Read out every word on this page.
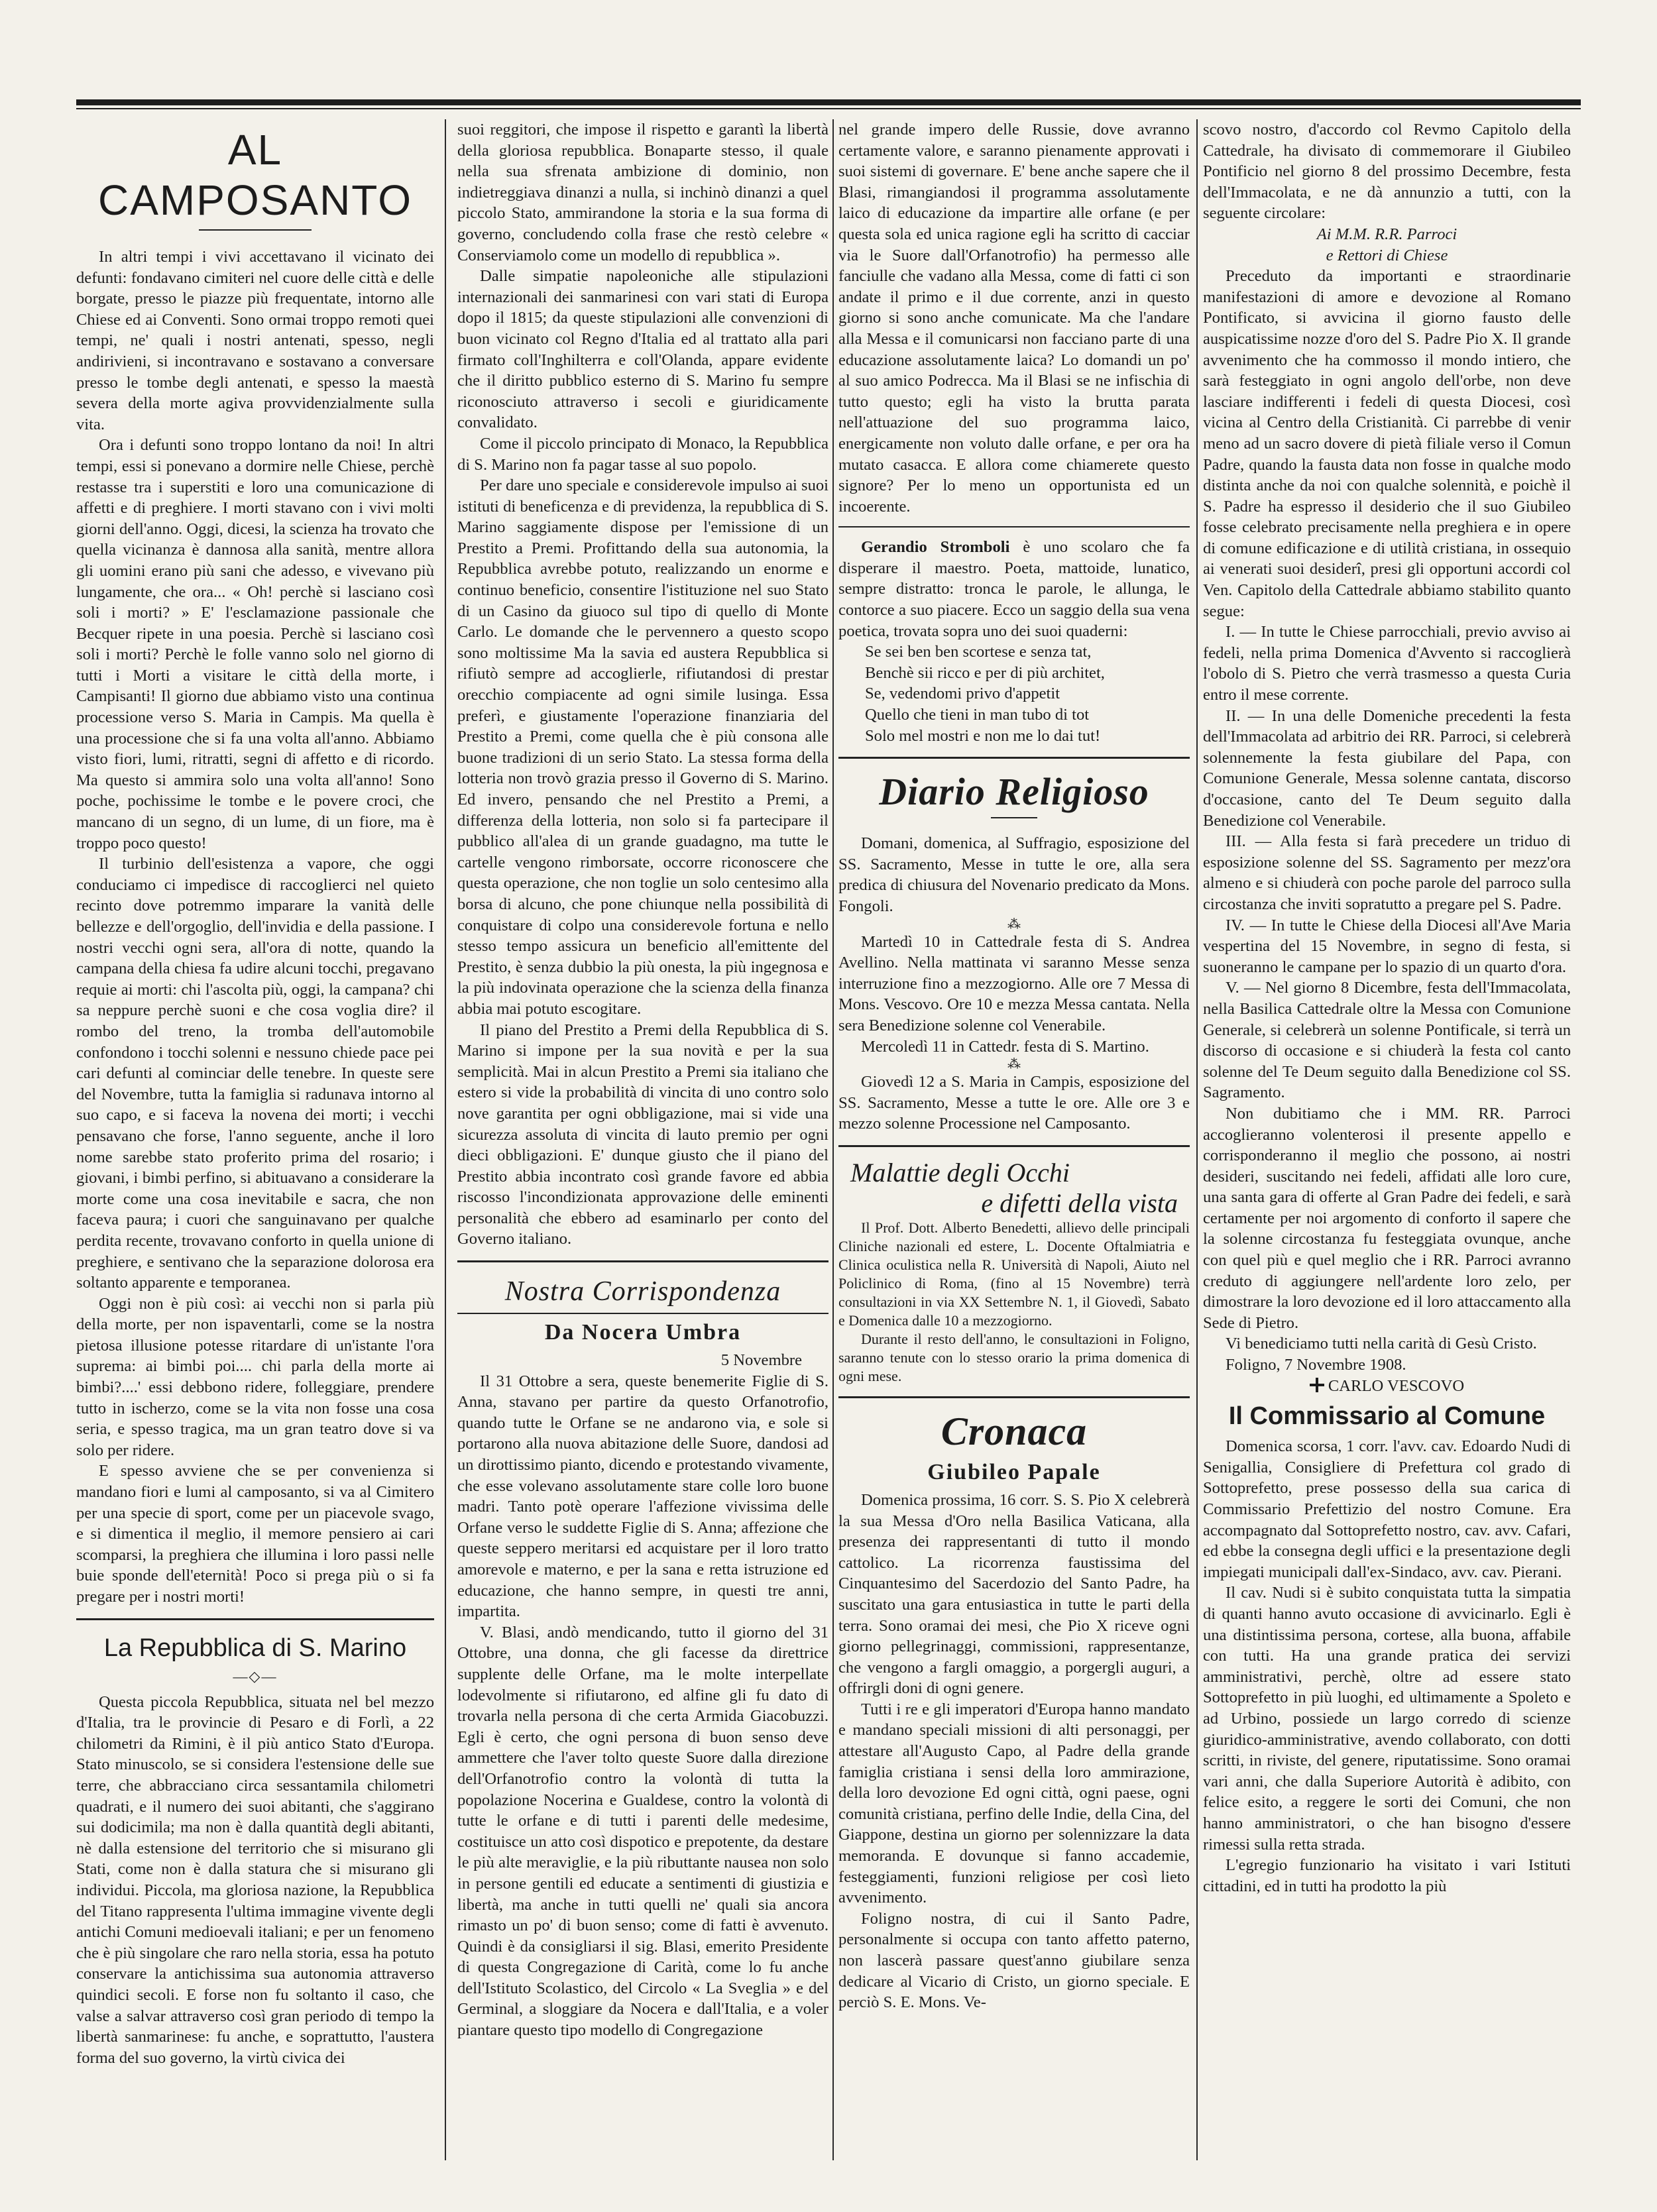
AL CAMPOSANTO

In altri tempi i vivi accettavano il vicinato dei defunti: fondavano cimiteri nel cuore delle città e delle borgate, presso le piazze più frequentate, intorno alle Chiese ed ai Conventi. Sono ormai troppo remoti quei tempi, ne' quali i nostri antenati, spesso, negli andirivieni, si incontravano e sostavano a conversare presso le tombe degli antenati, e spesso la maestà severa della morte agiva provvidenzialmente sulla vita.

Ora i defunti sono troppo lontano da noi! In altri tempi, essi si ponevano a dormire nelle Chiese, perchè restasse tra i superstiti e loro una comunicazione di affetti e di preghiere. I morti stavano con i vivi molti giorni dell'anno. Oggi, dicesi, la scienza ha trovato che quella vicinanza è dannosa alla sanità, mentre allora gli uomini erano più sani che adesso, e vivevano più lungamente, che ora... « Oh! perchè si lasciano così soli i morti? » E' l'esclamazione passionale che Becquer ripete in una poesia. Perchè si lasciano così soli i morti? Perchè le folle vanno solo nel giorno di tutti i Morti a visitare le città della morte, i Campisanti! Il giorno due abbiamo visto una continua processione verso S. Maria in Campis. Ma quella è una processione che si fa una volta all'anno. Abbiamo visto fiori, lumi, ritratti, segni di affetto e di ricordo. Ma questo si ammira solo una volta all'anno! Sono poche, pochissime le tombe e le povere croci, che mancano di un segno, di un lume, di un fiore, ma è troppo poco questo!

Il turbinio dell'esistenza a vapore, che oggi conduciamo ci impedisce di raccoglierci nel quieto recinto dove potremmo imparare la vanità delle bellezze e dell'orgoglio, dell'invidia e della passione. I nostri vecchi ogni sera, all'ora di notte, quando la campana della chiesa fa udire alcuni tocchi, pregavano requie ai morti: chi l'ascolta più, oggi, la campana? chi sa neppure perchè suoni e che cosa voglia dire? il rombo del treno, la tromba dell'automobile confondono i tocchi solenni e nessuno chiede pace pei cari defunti al cominciar delle tenebre. In queste sere del Novembre, tutta la famiglia si radunava intorno al suo capo, e si faceva la novena dei morti; i vecchi pensavano che forse, l'anno seguente, anche il loro nome sarebbe stato proferito prima del rosario; i giovani, i bimbi perfino, si abituavano a considerare la morte come una cosa inevitabile e sacra, che non faceva paura; i cuori che sanguinavano per qualche perdita recente, trovavano conforto in quella unione di preghiere, e sentivano che la separazione dolorosa era soltanto apparente e temporanea.

Oggi non è più così: ai vecchi non si parla più della morte, per non ispaventarli, come se la nostra pietosa illusione potesse ritardare di un'istante l'ora suprema: ai bimbi poi.... chi parla della morte ai bimbi?....' essi debbono ridere, folleggiare, prendere tutto in ischerzo, come se la vita non fosse una cosa seria, e spesso tragica, ma un gran teatro dove si va solo per ridere.

E spesso avviene che se per convenienza si mandano fiori e lumi al camposanto, si va al Cimitero per una specie di sport, come per un piacevole svago, e si dimentica il meglio, il memore pensiero ai cari scomparsi, la preghiera che illumina i loro passi nelle buie sponde dell'eternità! Poco si prega più o si fa pregare per i nostri morti!

La Repubblica di S. Marino
—◇—

Questa piccola Repubblica, situata nel bel mezzo d'Italia, tra le provincie di Pesaro e di Forlì, a 22 chilometri da Rimini, è il più antico Stato d'Europa. Stato minuscolo, se si considera l'estensione delle sue terre, che abbracciano circa sessantamila chilometri quadrati, e il numero dei suoi abitanti, che s'aggirano sui dodicimila; ma non è dalla quantità degli abitanti, nè dalla estensione del territorio che si misurano gli Stati, come non è dalla statura che si misurano gli individui. Piccola, ma gloriosa nazione, la Repubblica del Titano rappresenta l'ultima immagine vivente degli antichi Comuni medioevali italiani; e per un fenomeno che è più singolare che raro nella storia, essa ha potuto conservare la antichissima sua autonomia attraverso quindici secoli. E forse non fu soltanto il caso, che valse a salvar attraverso così gran periodo di tempo la libertà sanmarinese: fu anche, e soprattutto, l'austera forma del suo governo, la virtù civica dei

suoi reggitori, che impose il rispetto e garantì la libertà della gloriosa repubblica. Bonaparte stesso, il quale nella sua sfrenata ambizione di dominio, non indietreggiava dinanzi a nulla, si inchinò dinanzi a quel piccolo Stato, ammirandone la storia e la sua forma di governo, concludendo colla frase che restò celebre « Conserviamolo come un modello di repubblica ».

Dalle simpatie napoleoniche alle stipulazioni internazionali dei sanmarinesi con vari stati di Europa dopo il 1815; da queste stipulazioni alle convenzioni di buon vicinato col Regno d'Italia ed al trattato alla pari firmato coll'Inghilterra e coll'Olanda, appare evidente che il diritto pubblico esterno di S. Marino fu sempre riconosciuto attraverso i secoli e giuridicamente convalidato.

Come il piccolo principato di Monaco, la Repubblica di S. Marino non fa pagar tasse al suo popolo.

Per dare uno speciale e considerevole impulso ai suoi istituti di beneficenza e di previdenza, la repubblica di S. Marino saggiamente dispose per l'emissione di un Prestito a Premi. Profittando della sua autonomia, la Repubblica avrebbe potuto, realizzando un enorme e continuo beneficio, consentire l'istituzione nel suo Stato di un Casino da giuoco sul tipo di quello di Monte Carlo. Le domande che le pervennero a questo scopo sono moltissime Ma la savia ed austera Repubblica si rifiutò sempre ad accoglierle, rifiutandosi di prestar orecchio compiacente ad ogni simile lusinga. Essa preferì, e giustamente l'operazione finanziaria del Prestito a Premi, come quella che è più consona alle buone tradizioni di un serio Stato. La stessa forma della lotteria non trovò grazia presso il Governo di S. Marino. Ed invero, pensando che nel Prestito a Premi, a differenza della lotteria, non solo si fa partecipare il pubblico all'alea di un grande guadagno, ma tutte le cartelle vengono rimborsate, occorre riconoscere che questa operazione, che non toglie un solo centesimo alla borsa di alcuno, che pone chiunque nella possibilità di conquistare di colpo una considerevole fortuna e nello stesso tempo assicura un beneficio all'emittente del Prestito, è senza dubbio la più onesta, la più ingegnosa e la più indovinata operazione che la scienza della finanza abbia mai potuto escogitare.

Il piano del Prestito a Premi della Repubblica di S. Marino si impone per la sua novità e per la sua semplicità. Mai in alcun Prestito a Premi sia italiano che estero si vide la probabilità di vincita di uno contro solo nove garantita per ogni obbligazione, mai si vide una sicurezza assoluta di vincita di lauto premio per ogni dieci obbligazioni. E' dunque giusto che il piano del Prestito abbia incontrato così grande favore ed abbia riscosso l'incondizionata approvazione delle eminenti personalità che ebbero ad esaminarlo per conto del Governo italiano.

Nostra Corrispondenza
Da Nocera Umbra
5 Novembre

Il 31 Ottobre a sera, queste benemerite Figlie di S. Anna, stavano per partire da questo Orfanotrofio, quando tutte le Orfane se ne andarono via, e sole si portarono alla nuova abitazione delle Suore, dandosi ad un dirottissimo pianto, dicendo e protestando vivamente, che esse volevano assolutamente stare colle loro buone madri. Tanto potè operare l'affezione vivissima delle Orfane verso le suddette Figlie di S. Anna; affezione che queste seppero meritarsi ed acquistare per il loro tratto amorevole e materno, e per la sana e retta istruzione ed educazione, che hanno sempre, in questi tre anni, impartita.

V. Blasi, andò mendicando, tutto il giorno del 31 Ottobre, una donna, che gli facesse da direttrice supplente delle Orfane, ma le molte interpellate lodevolmente si rifiutarono, ed alfine gli fu dato di trovarla nella persona di che certa Armida Giacobuzzi. Egli è certo, che ogni persona di buon senso deve ammettere che l'aver tolto queste Suore dalla direzione dell'Orfanotrofio contro la volontà di tutta la popolazione Nocerina e Gualdese, contro la volontà di tutte le orfane e di tutti i parenti delle medesime, costituisce un atto così dispotico e prepotente, da destare le più alte meraviglie, e la più ributtante nausea non solo in persone gentili ed educate a sentimenti di giustizia e libertà, ma anche in tutti quelli ne' quali sia ancora rimasto un po' di buon senso; come di fatti è avvenuto. Quindi è da consigliarsi il sig. Blasi, emerito Presidente di questa Congregazione di Carità, come lo fu anche dell'Istituto Scolastico, del Circolo « La Sveglia » e del Germinal, a sloggiare da Nocera e dall'Italia, e a voler piantare questo tipo modello di Congregazione

nel grande impero delle Russie, dove avranno certamente valore, e saranno pienamente approvati i suoi sistemi di governare. E' bene anche sapere che il Blasi, rimangiandosi il programma assolutamente laico di educazione da impartire alle orfane (e per questa sola ed unica ragione egli ha scritto di cacciar via le Suore dall'Orfanotrofio) ha permesso alle fanciulle che vadano alla Messa, come di fatti ci son andate il primo e il due corrente, anzi in questo giorno si sono anche comunicate. Ma che l'andare alla Messa e il comunicarsi non facciano parte di una educazione assolutamente laica? Lo domandi un po' al suo amico Podrecca. Ma il Blasi se ne infischia di tutto questo; egli ha visto la brutta parata nell'attuazione del suo programma laico, energicamente non voluto dalle orfane, e per ora ha mutato casacca. E allora come chiamerete questo signore? Per lo meno un opportunista ed un incoerente.

Gerandio Stromboli è uno scolaro che fa disperare il maestro. Poeta, mattoide, lunatico, sempre distratto: tronca le parole, le allunga, le contorce a suo piacere. Ecco un saggio della sua vena poetica, trovata sopra uno dei suoi quaderni:

Se sei ben ben scortese e senza tat,

Benchè sii ricco e per di più architet,

Se, vedendomi privo d'appetit

Quello che tieni in man tubo di tot

Solo mel mostri e non me lo dai tut!

Diario Religioso

Domani, domenica, al Suffragio, esposizione del SS. Sacramento, Messe in tutte le ore, alla sera predica di chiusura del Novenario predicato da Mons. Fongoli.

⁂

Martedì 10 in Cattedrale festa di S. Andrea Avellino. Nella mattinata vi saranno Messe senza interruzione fino a mezzogiorno. Alle ore 7 Messa di Mons. Vescovo. Ore 10 e mezza Messa cantata. Nella sera Benedizione solenne col Venerabile.

Mercoledì 11 in Cattedr. festa di S. Martino.

⁂

Giovedì 12 a S. Maria in Campis, esposizione del SS. Sacramento, Messe a tutte le ore. Alle ore 3 e mezzo solenne Processione nel Camposanto.

Malattie degli Occhi
e difetti della vista

Il Prof. Dott. Alberto Benedetti, allievo delle principali Cliniche nazionali ed estere, L. Docente Oftalmiatria e Clinica oculistica nella R. Università di Napoli, Aiuto nel Policlinico di Roma, (fino al 15 Novembre) terrà consultazioni in via XX Settembre N. 1, il Giovedì, Sabato e Domenica dalle 10 a mezzogiorno.

Durante il resto dell'anno, le consultazioni in Foligno, saranno tenute con lo stesso orario la prima domenica di ogni mese.

Cronaca
Giubileo Papale

Domenica prossima, 16 corr. S. S. Pio X celebrerà la sua Messa d'Oro nella Basilica Vaticana, alla presenza dei rappresentanti di tutto il mondo cattolico. La ricorrenza faustissima del Cinquantesimo del Sacerdozio del Santo Padre, ha suscitato una gara entusiastica in tutte le parti della terra. Sono oramai dei mesi, che Pio X riceve ogni giorno pellegrinaggi, commissioni, rappresentanze, che vengono a fargli omaggio, a porgergli auguri, a offrirgli doni di ogni genere.

Tutti i re e gli imperatori d'Europa hanno mandato e mandano speciali missioni di alti personaggi, per attestare all'Augusto Capo, al Padre della grande famiglia cristiana i sensi della loro ammirazione, della loro devozione Ed ogni città, ogni paese, ogni comunità cristiana, perfino delle Indie, della Cina, del Giappone, destina un giorno per solennizzare la data memoranda. E dovunque si fanno accademie, festeggiamenti, funzioni religiose per così lieto avvenimento.

Foligno nostra, di cui il Santo Padre, personalmente si occupa con tanto affetto paterno, non lascerà passare quest'anno giubilare senza dedicare al Vicario di Cristo, un giorno speciale. E perciò S. E. Mons. Ve-

scovo nostro, d'accordo col Revmo Capitolo della Cattedrale, ha divisato di commemorare il Giubileo Pontificio nel giorno 8 del prossimo Decembre, festa dell'Immacolata, e ne dà annunzio a tutti, con la seguente circolare:

Ai M.M. R.R. Parroci

e Rettori di Chiese

Preceduto da importanti e straordinarie manifestazioni di amore e devozione al Romano Pontificato, si avvicina il giorno fausto delle auspicatissime nozze d'oro del S. Padre Pio X. Il grande avvenimento che ha commosso il mondo intiero, che sarà festeggiato in ogni angolo dell'orbe, non deve lasciare indifferenti i fedeli di questa Diocesi, così vicina al Centro della Cristianità. Ci parrebbe di venir meno ad un sacro dovere di pietà filiale verso il Comun Padre, quando la fausta data non fosse in qualche modo distinta anche da noi con qualche solennità, e poichè il S. Padre ha espresso il desiderio che il suo Giubileo fosse celebrato precisamente nella preghiera e in opere di comune edificazione e di utilità cristiana, in ossequio ai venerati suoi desiderî, presi gli opportuni accordi col Ven. Capitolo della Cattedrale abbiamo stabilito quanto segue:

I. — In tutte le Chiese parrocchiali, previo avviso ai fedeli, nella prima Domenica d'Avvento si raccoglierà l'obolo di S. Pietro che verrà trasmesso a questa Curia entro il mese corrente.

II. — In una delle Domeniche precedenti la festa dell'Immacolata ad arbitrio dei RR. Parroci, si celebrerà solennemente la festa giubilare del Papa, con Comunione Generale, Messa solenne cantata, discorso d'occasione, canto del Te Deum seguito dalla Benedizione col Venerabile.

III. — Alla festa si farà precedere un triduo di esposizione solenne del SS. Sagramento per mezz'ora almeno e si chiuderà con poche parole del parroco sulla circostanza che inviti sopratutto a pregare pel S. Padre.

IV. — In tutte le Chiese della Diocesi all'Ave Maria vespertina del 15 Novembre, in segno di festa, si suoneranno le campane per lo spazio di un quarto d'ora.

V. — Nel giorno 8 Dicembre, festa dell'Immacolata, nella Basilica Cattedrale oltre la Messa con Comunione Generale, si celebrerà un solenne Pontificale, si terrà un discorso di occasione e si chiuderà la festa col canto solenne del Te Deum seguito dalla Benedizione col SS. Sagramento.

Non dubitiamo che i MM. RR. Parroci accoglieranno volenterosi il presente appello e corrisponderanno il meglio che possono, ai nostri desideri, suscitando nei fedeli, affidati alle loro cure, una santa gara di offerte al Gran Padre dei fedeli, e sarà certamente per noi argomento di conforto il sapere che la solenne circostanza fu festeggiata ovunque, anche con quel più e quel meglio che i RR. Parroci avranno creduto di aggiungere nell'ardente loro zelo, per dimostrare la loro devozione ed il loro attaccamento alla Sede di Pietro.

Vi benediciamo tutti nella carità di Gesù Cristo.

Foligno, 7 Novembre 1908.

CARLO VESCOVO

Il Commissario al Comune

Domenica scorsa, 1 corr. l'avv. cav. Edoardo Nudi di Senigallia, Consigliere di Prefettura col grado di Sottoprefetto, prese possesso della sua carica di Commissario Prefettizio del nostro Comune. Era accompagnato dal Sottoprefetto nostro, cav. avv. Cafari, ed ebbe la consegna degli uffici e la presentazione degli impiegati municipali dall'ex-Sindaco, avv. cav. Pierani.

Il cav. Nudi si è subito conquistata tutta la simpatia di quanti hanno avuto occasione di avvicinarlo. Egli è una distintissima persona, cortese, alla buona, affabile con tutti. Ha una grande pratica dei servizi amministrativi, perchè, oltre ad essere stato Sottoprefetto in più luoghi, ed ultimamente a Spoleto e ad Urbino, possiede un largo corredo di scienze giuridico-amministrative, avendo collaborato, con dotti scritti, in riviste, del genere, riputatissime. Sono oramai vari anni, che dalla Superiore Autorità è adibito, con felice esito, a reggere le sorti dei Comuni, che non hanno amministratori, o che han bisogno d'essere rimessi sulla retta strada.

L'egregio funzionario ha visitato i vari Istituti cittadini, ed in tutti ha prodotto la più
